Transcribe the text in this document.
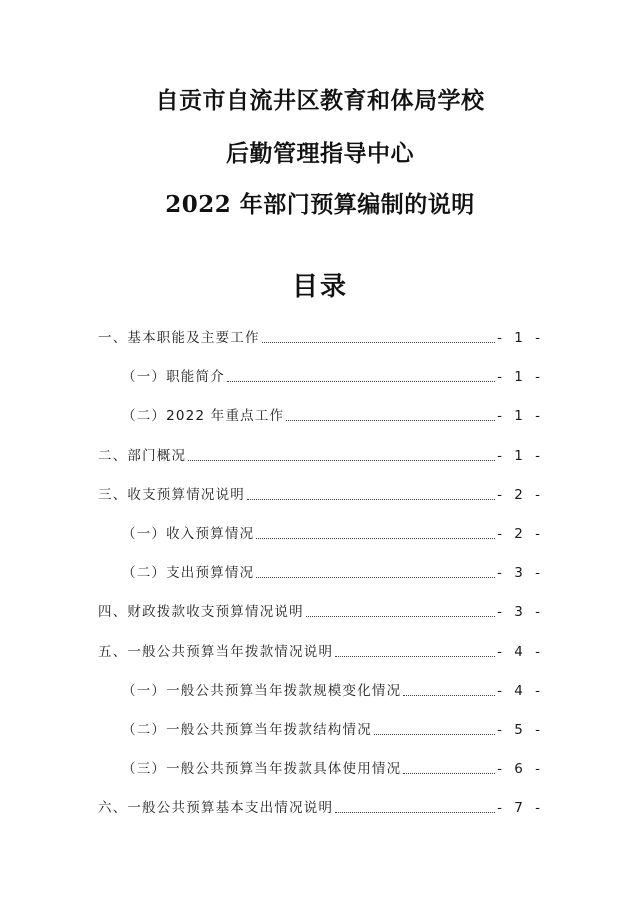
自贡市自流井区教育和体局学校
后勤管理指导中心
2022 年部门预算编制的说明
目录
一、基本职能及主要工作	- 1 -
（一）职能简介	- 1 -
（二）2022 年重点工作	- 1 -
二、部门概况	- 1 -
三、收支预算情况说明	- 2 -
（一）收入预算情况	- 2 -
（二）支出预算情况	- 3 -
四、财政拨款收支预算情况说明	- 3 -
五、一般公共预算当年拨款情况说明	- 4 -
（一）一般公共预算当年拨款规模变化情况	- 4 -
（二）一般公共预算当年拨款结构情况	- 5 -
（三）一般公共预算当年拨款具体使用情况	- 6 -
六、一般公共预算基本支出情况说明	- 7 -
